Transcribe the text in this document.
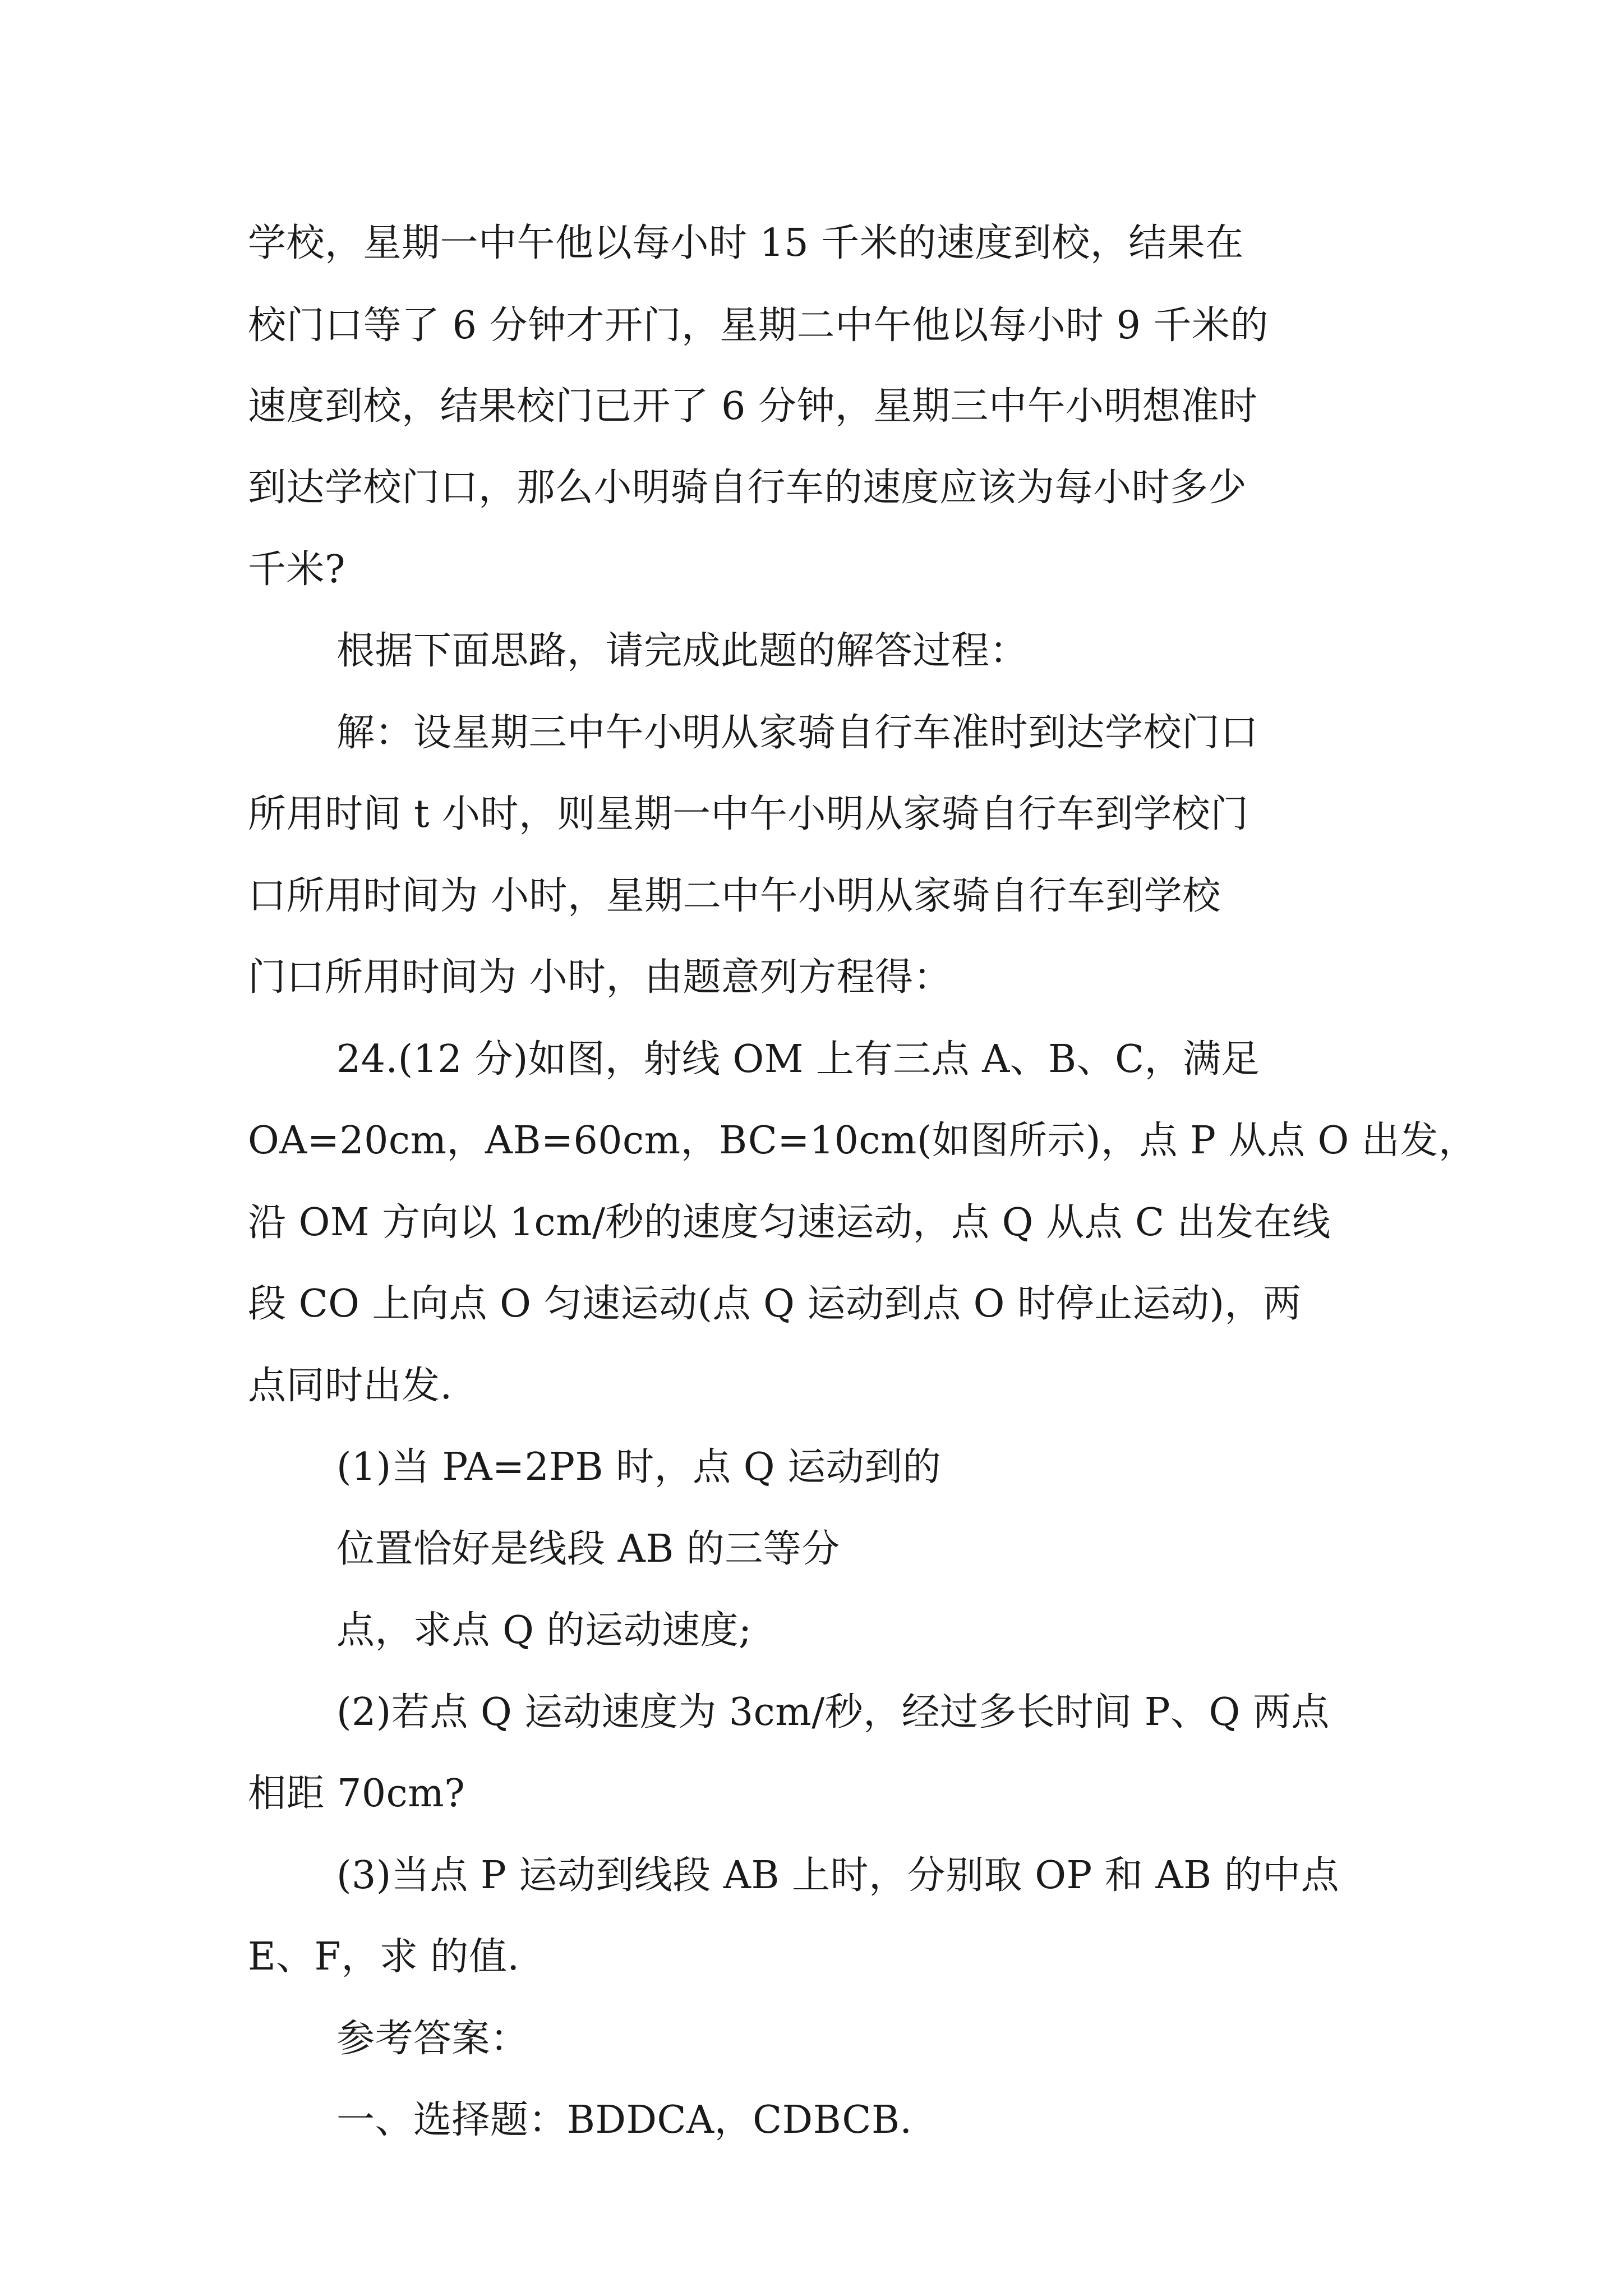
学校，星期一中午他以每小时 15 千米的速度到校，结果在
校门口等了 6 分钟才开门，星期二中午他以每小时 9 千米的
速度到校，结果校门已开了 6 分钟，星期三中午小明想准时
到达学校门口，那么小明骑自行车的速度应该为每小时多少
千米?
根据下面思路，请完成此题的解答过程：
解：设星期三中午小明从家骑自行车准时到达学校门口
所用时间 t 小时，则星期一中午小明从家骑自行车到学校门
口所用时间为 小时，星期二中午小明从家骑自行车到学校
门口所用时间为 小时，由题意列方程得：
24.(12 分)如图，射线 OM 上有三点 A、B、C，满足
OA=20cm，AB=60cm，BC=10cm(如图所示)，点 P 从点 O 出发，
沿 OM 方向以 1cm/秒的速度匀速运动，点 Q 从点 C 出发在线
段 CO 上向点 O 匀速运动(点 Q 运动到点 O 时停止运动)，两
点同时出发.
(1)当 PA=2PB 时，点 Q 运动到的
位置恰好是线段 AB 的三等分
点，求点 Q 的运动速度;
(2)若点 Q 运动速度为 3cm/秒，经过多长时间 P、Q 两点
相距 70cm?
(3)当点 P 运动到线段 AB 上时，分别取 OP 和 AB 的中点
E、F，求 的值.
参考答案：
一、选择题：BDDCA，CDBCB.
